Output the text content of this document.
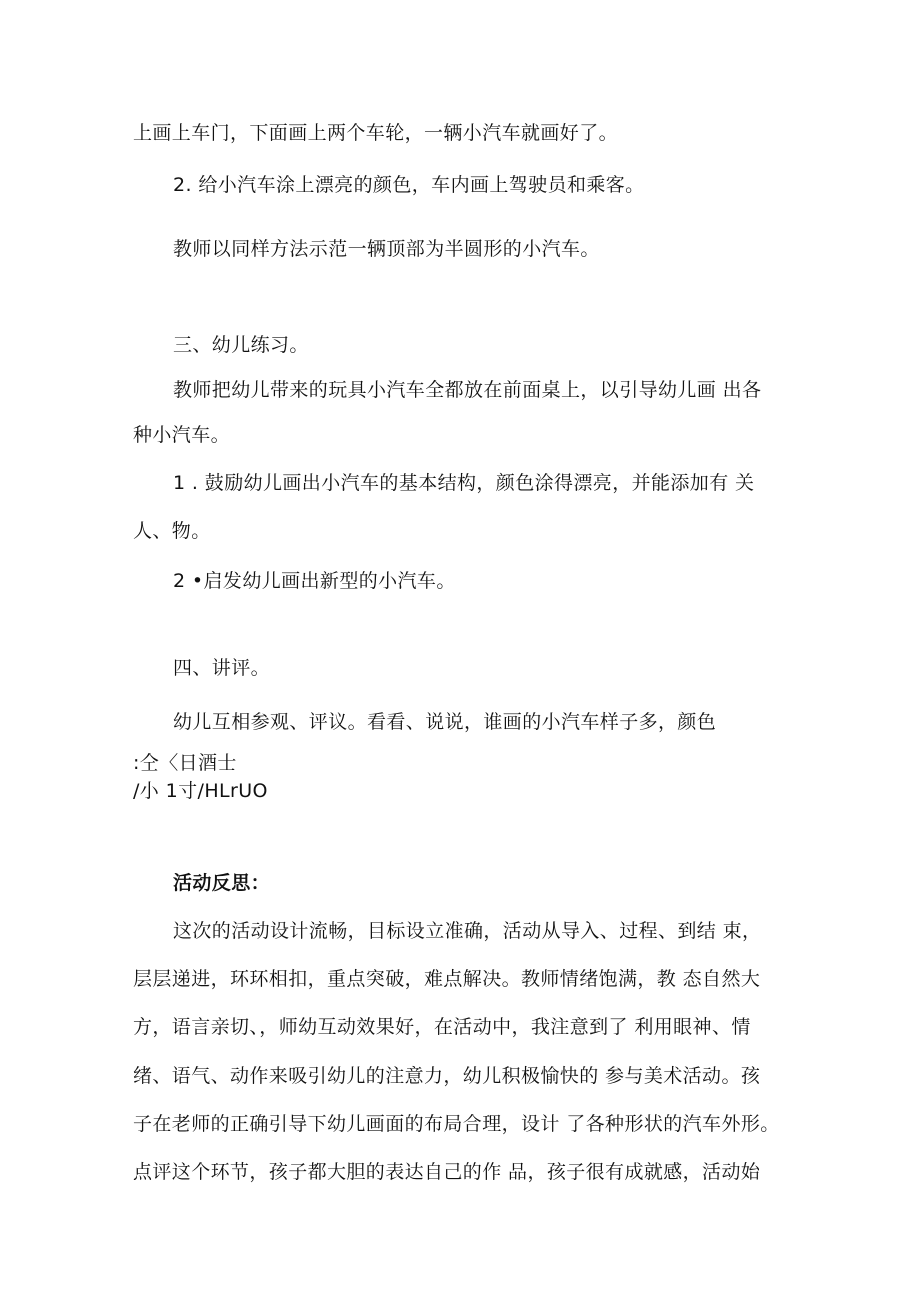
上画上车门，下面画上两个车轮，一辆小汽车就画好了。
2. 给小汽车涂上漂亮的颜色，车内画上驾驶员和乘客。
教师以同样方法示范一辆顶部为半圆形的小汽车。
三、幼儿练习。
教师把幼儿带来的玩具小汽车全都放在前面桌上，以引导幼儿画 出各
种小汽车。
1 . 鼓励幼儿画出小汽车的基本结构，颜色涂得漂亮，并能添加有 关
人、物。
2 •启发幼儿画出新型的小汽车。
四、讲评。
幼儿互相参观、评议。看看、说说，谁画的小汽车样子多，颜色
:仝〈日酒士
/小 1寸/HLrUO
活动反思：
这次的活动设计流畅，目标设立准确，活动从导入、过程、到结 束，
层层递进，环环相扣，重点突破，难点解决。教师情绪饱满，教 态自然大
方，语言亲切、，师幼互动效果好，在活动中，我注意到了 利用眼神、情
绪、语气、动作来吸引幼儿的注意力，幼儿积极愉快的 参与美术活动。孩
子在老师的正确引导下幼儿画面的布局合理，设计 了各种形状的汽车外形。
点评这个环节，孩子都大胆的表达自己的作 品，孩子很有成就感，活动始
